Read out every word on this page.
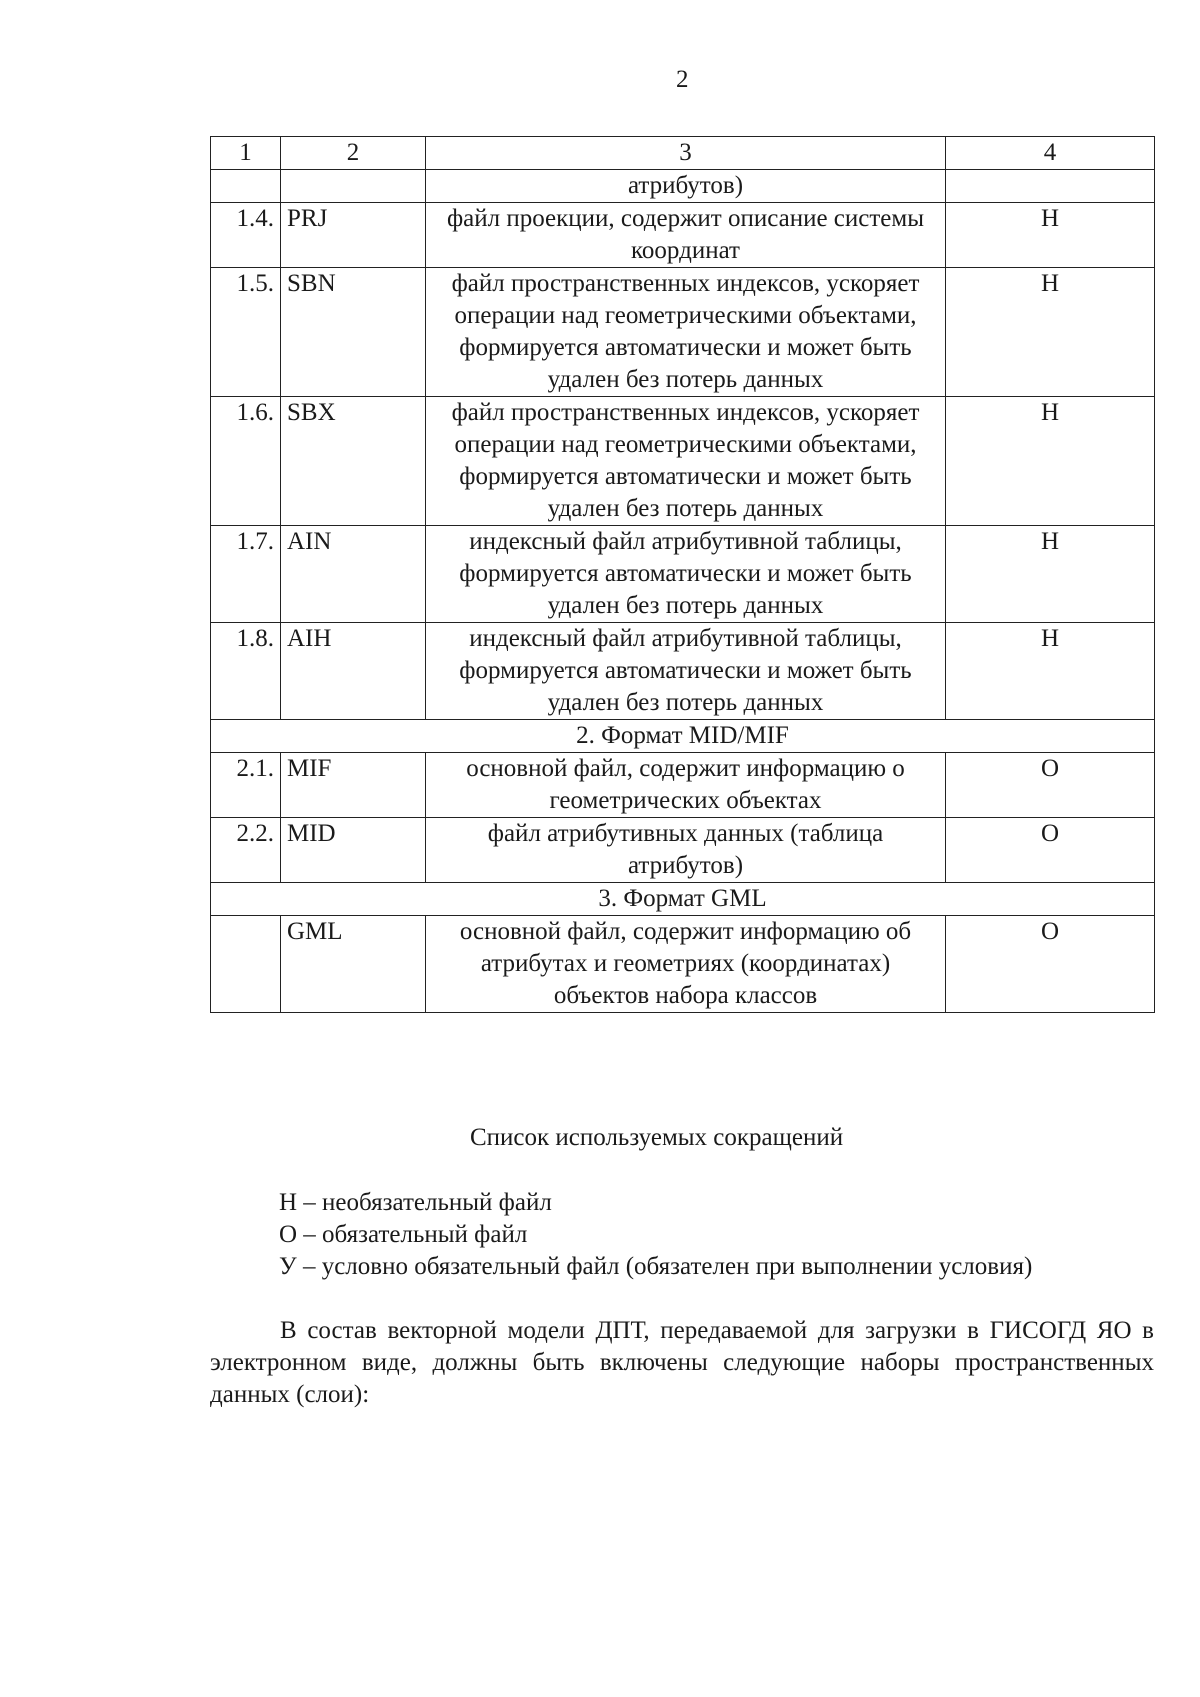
2
1	2	3	4
		атрибутов)	
1.4.	PRJ	файл проекции, содержит описание системы координат	Н
1.5.	SBN	файл пространственных индексов, ускоряет операции над геометрическими объектами, формируется автоматически и может быть удален без потерь данных	Н
1.6.	SBX	файл пространственных индексов, ускоряет операции над геометрическими объектами, формируется автоматически и может быть удален без потерь данных	Н
1.7.	AIN	индексный файл атрибутивной таблицы, формируется автоматически и может быть удален без потерь данных	Н
1.8.	AIH	индексный файл атрибутивной таблицы, формируется автоматически и может быть удален без потерь данных	Н
2. Формат MID/MIF			
2.1.	MIF	основной файл, содержит информацию о геометрических объектах	О
2.2.	MID	файл атрибутивных данных (таблица атрибутов)	О
3. Формат GML			
	GML	основной файл, содержит информацию об атрибутах и геометриях (координатах) объектов набора классов	О
Список используемых сокращений
Н – необязательный файл
О – обязательный файл
У – условно обязательный файл (обязателен при выполнении условия)
В состав векторной модели ДПТ, передаваемой для загрузки в ГИСОГД ЯО в электронном виде, должны быть включены следующие наборы пространственных данных (слои):
